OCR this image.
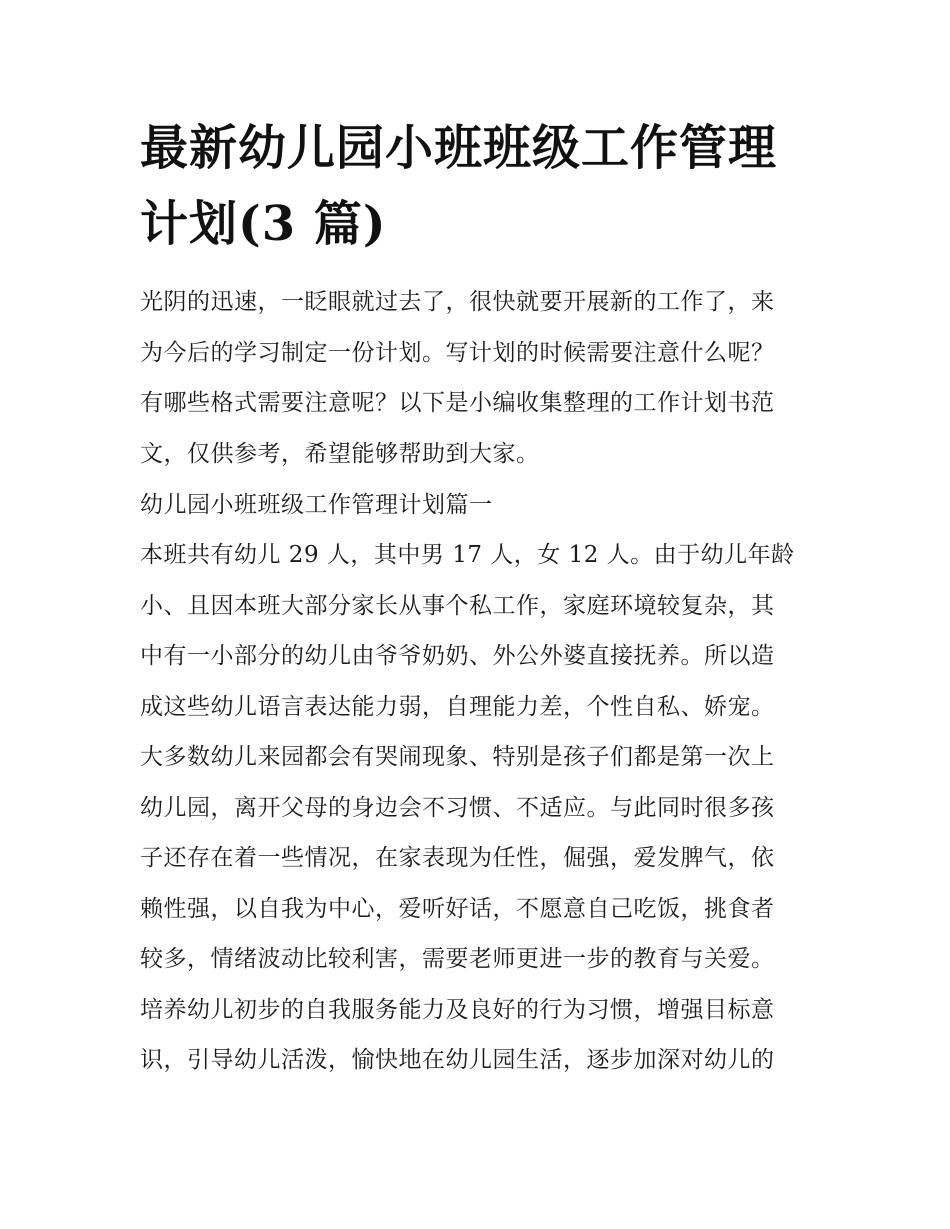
最新幼儿园小班班级工作管理
计划(3 篇)

光阴的迅速，一眨眼就过去了，很快就要开展新的工作了，来
为今后的学习制定一份计划。写计划的时候需要注意什么呢？
有哪些格式需要注意呢？以下是小编收集整理的工作计划书范
文，仅供参考，希望能够帮助到大家。

幼儿园小班班级工作管理计划篇一

本班共有幼儿 29 人，其中男 17 人，女 12 人。由于幼儿年龄
小、且因本班大部分家长从事个私工作，家庭环境较复杂，其
中有一小部分的幼儿由爷爷奶奶、外公外婆直接抚养。所以造
成这些幼儿语言表达能力弱，自理能力差，个性自私、娇宠。
大多数幼儿来园都会有哭闹现象、特别是孩子们都是第一次上
幼儿园，离开父母的身边会不习惯、不适应。与此同时很多孩
子还存在着一些情况，在家表现为任性，倔强，爱发脾气，依
赖性强，以自我为中心，爱听好话，不愿意自己吃饭，挑食者
较多，情绪波动比较利害，需要老师更进一步的教育与关爱。
培养幼儿初步的自我服务能力及良好的行为习惯，增强目标意
识，引导幼儿活泼，愉快地在幼儿园生活，逐步加深对幼儿的
